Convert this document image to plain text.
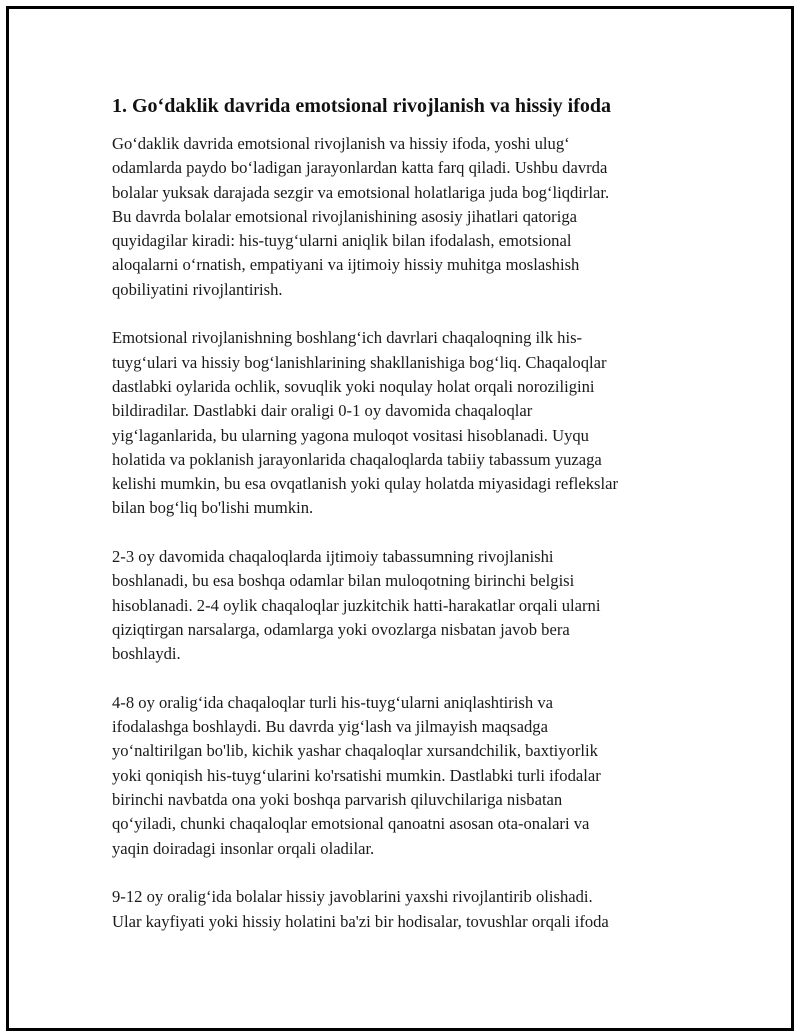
1. Go‘daklik davrida emotsional rivojlanish va hissiy ifoda

Go‘daklik davrida emotsional rivojlanish va hissiy ifoda, yoshi ulug‘
odamlarda paydo bo‘ladigan jarayonlardan katta farq qiladi. Ushbu davrda
bolalar yuksak darajada sezgir va emotsional holatlariga juda bog‘liqdirlar.
Bu davrda bolalar emotsional rivojlanishining asosiy jihatlari qatoriga
quyidagilar kiradi: his-tuyg‘ularni aniqlik bilan ifodalash, emotsional
aloqalarni o‘rnatish, empatiyani va ijtimoiy hissiy muhitga moslashish
qobiliyatini rivojlantirish.

Emotsional rivojlanishning boshlang‘ich davrlari chaqaloqning ilk his-
tuyg‘ulari va hissiy bog‘lanishlarining shakllanishiga bog‘liq. Chaqaloqlar
dastlabki oylarida ochlik, sovuqlik yoki noqulay holat orqali noroziligini
bildiradilar. Dastlabki dair oraligi 0-1 oy davomida chaqaloqlar
yig‘laganlarida, bu ularning yagona muloqot vositasi hisoblanadi. Uyqu
holatida va poklanish jarayonlarida chaqaloqlarda tabiiy tabassum yuzaga
kelishi mumkin, bu esa ovqatlanish yoki qulay holatda miyasidagi reflekslar
bilan bog‘liq bo'lishi mumkin.

2-3 oy davomida chaqaloqlarda ijtimoiy tabassumning rivojlanishi
boshlanadi, bu esa boshqa odamlar bilan muloqotning birinchi belgisi
hisoblanadi. 2-4 oylik chaqaloqlar juzkitchik hatti-harakatlar orqali ularni
qiziqtirgan narsalarga, odamlarga yoki ovozlarga nisbatan javob bera
boshlaydi.

4-8 oy oralig‘ida chaqaloqlar turli his-tuyg‘ularni aniqlashtirish va
ifodalashga boshlaydi. Bu davrda yig‘lash va jilmayish maqsadga
yo‘naltirilgan bo'lib, kichik yashar chaqaloqlar xursandchilik, baxtiyorlik
yoki qoniqish his-tuyg‘ularini ko'rsatishi mumkin. Dastlabki turli ifodalar
birinchi navbatda ona yoki boshqa parvarish qiluvchilariga nisbatan
qo‘yiladi, chunki chaqaloqlar emotsional qanoatni asosan ota-onalari va
yaqin doiradagi insonlar orqali oladilar.

9-12 oy oralig‘ida bolalar hissiy javoblarini yaxshi rivojlantirib olishadi.
Ular kayfiyati yoki hissiy holatini ba'zi bir hodisalar, tovushlar orqali ifoda
